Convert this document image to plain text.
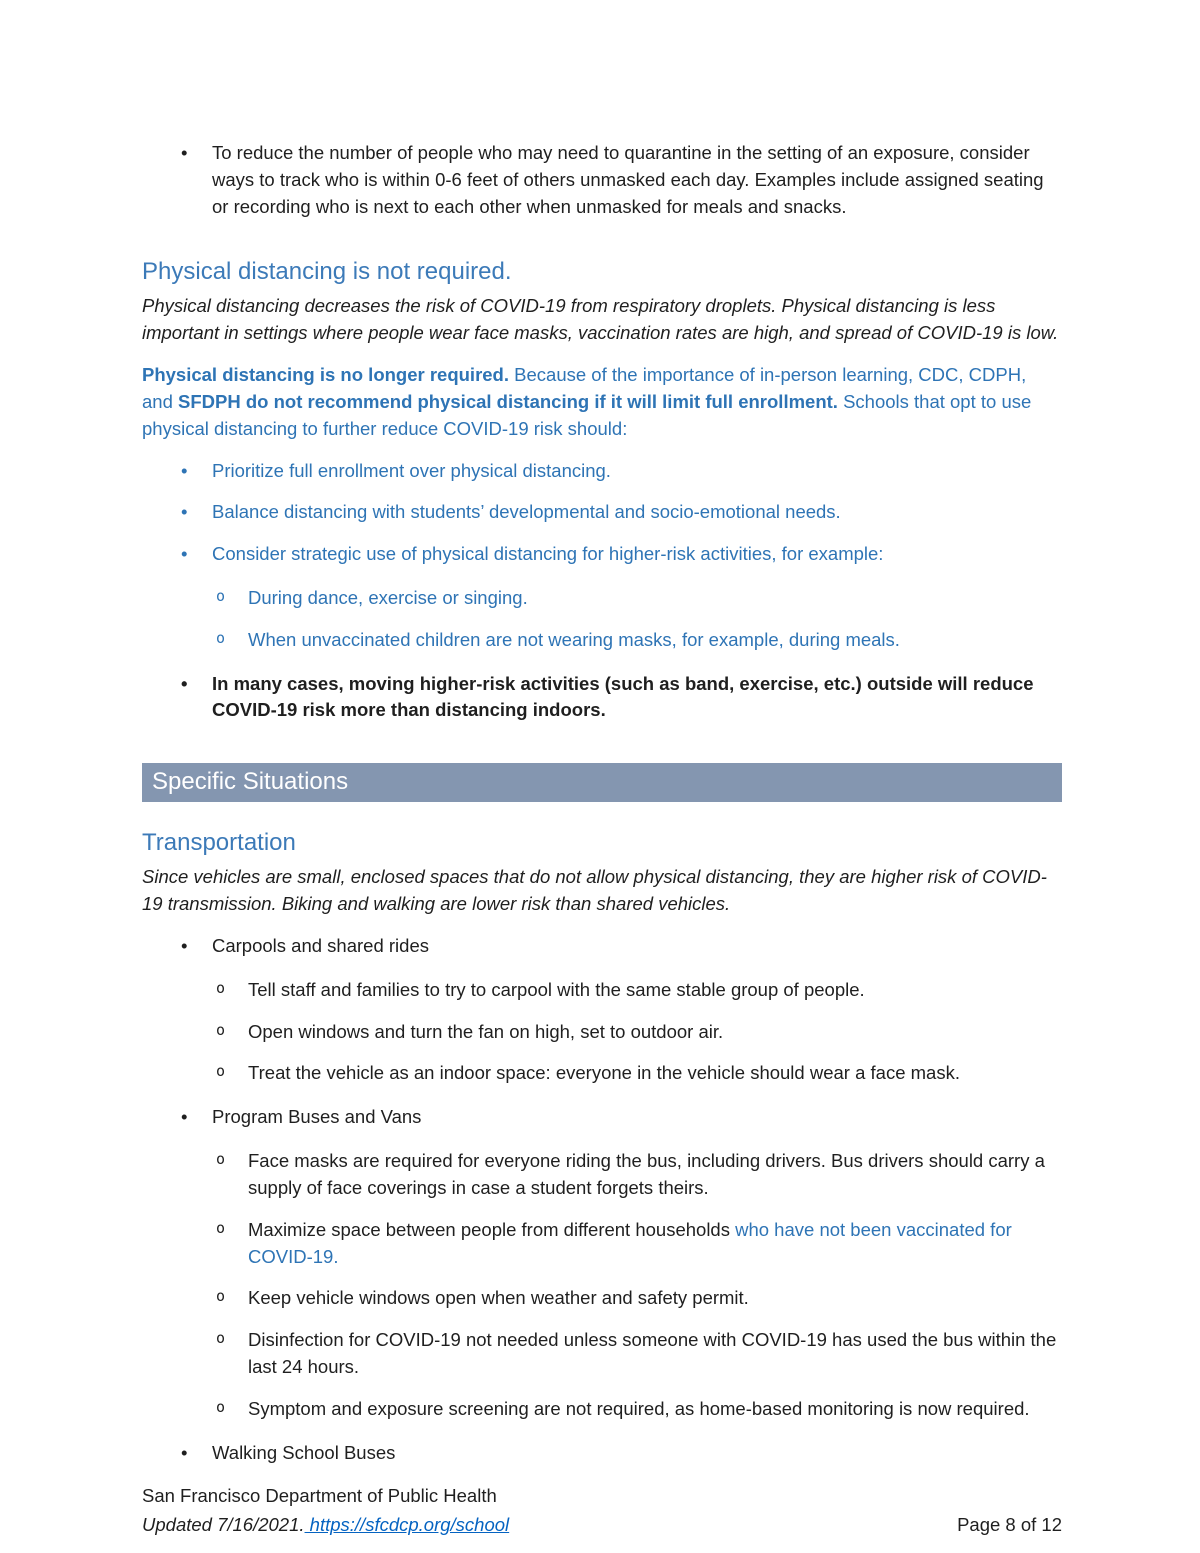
• To reduce the number of people who may need to quarantine in the setting of an exposure, consider ways to track who is within 0-6 feet of others unmasked each day. Examples include assigned seating or recording who is next to each other when unmasked for meals and snacks.
Physical distancing is not required.

Physical distancing decreases the risk of COVID-19 from respiratory droplets. Physical distancing is less important in settings where people wear face masks, vaccination rates are high, and spread of COVID-19 is low.

Physical distancing is no longer required. Because of the importance of in-person learning, CDC, CDPH, and SFDPH do not recommend physical distancing if it will limit full enrollment. Schools that opt to use physical distancing to further reduce COVID-19 risk should:

• Prioritize full enrollment over physical distancing.
• Balance distancing with students’ developmental and socio-emotional needs.
• Consider strategic use of physical distancing for higher-risk activities, for example:
o During dance, exercise or singing.
o When unvaccinated children are not wearing masks, for example, during meals.
• In many cases, moving higher-risk activities (such as band, exercise, etc.) outside will reduce COVID-19 risk more than distancing indoors.
Specific Situations
Transportation

Since vehicles are small, enclosed spaces that do not allow physical distancing, they are higher risk of COVID-19 transmission. Biking and walking are lower risk than shared vehicles.

• Carpools and shared rides
o Tell staff and families to try to carpool with the same stable group of people.
o Open windows and turn the fan on high, set to outdoor air.
o Treat the vehicle as an indoor space: everyone in the vehicle should wear a face mask.
• Program Buses and Vans
o Face masks are required for everyone riding the bus, including drivers. Bus drivers should carry a supply of face coverings in case a student forgets theirs.
o Maximize space between people from different households who have not been vaccinated for COVID-19.
o Keep vehicle windows open when weather and safety permit.
o Disinfection for COVID-19 not needed unless someone with COVID-19 has used the bus within the last 24 hours.
o Symptom and exposure screening are not required, as home-based monitoring is now required.
• Walking School Buses
San Francisco Department of Public Health
Updated 7/16/2021. https://sfcdcp.org/school	Page 8 of 12
